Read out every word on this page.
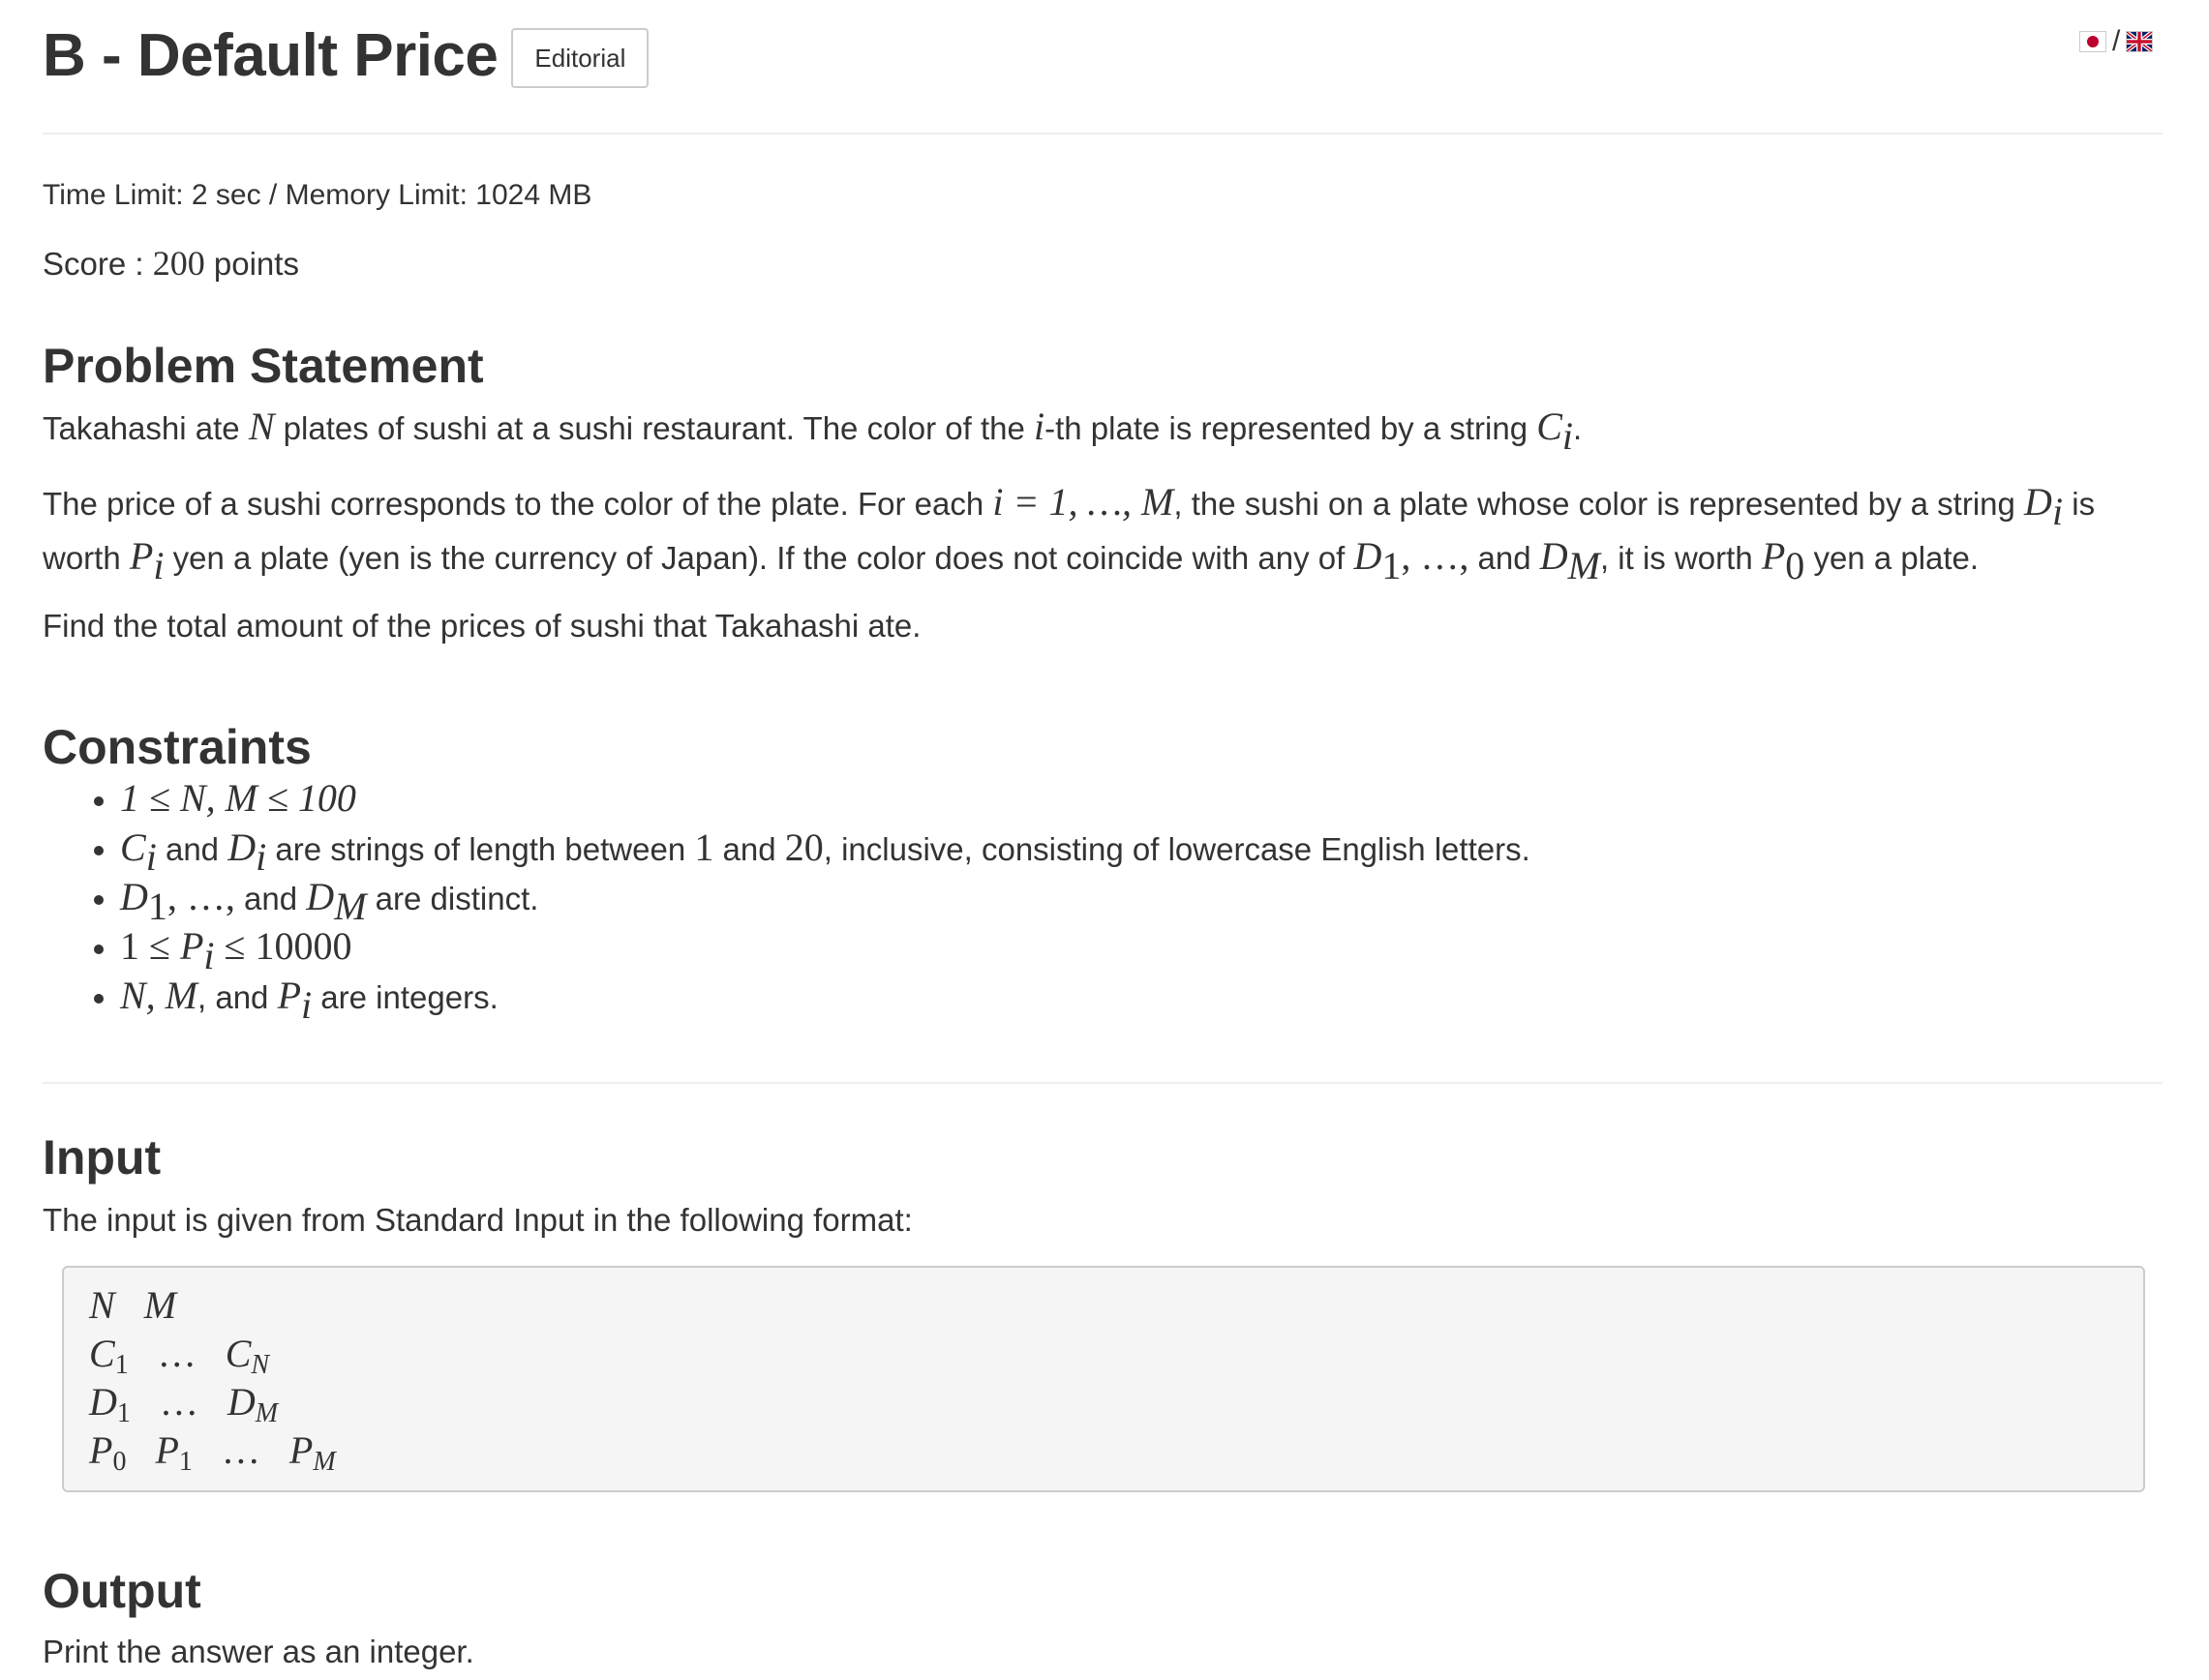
B - Default Price	Editorial
/
Time Limit: 2 sec / Memory Limit: 1024 MB
Score : 200 points
Problem Statement

Takahashi ate N plates of sushi at a sushi restaurant. The color of the i-th plate is represented by a string $C_i$.

The price of a sushi corresponds to the color of the plate. For each i = 1, …, M, the sushi on a plate whose color is represented by a string $D_i$ is worth $P_i$ yen a plate (yen is the currency of Japan). If the color does not coincide with any of $D_1$, …, and $D_M$, it is worth $P_0$ yen a plate.

Find the total amount of the prices of sushi that Takahashi ate.

Constraints
• 1 ≤ N, M ≤ 100
• $C_i$ and $D_i$ are strings of length between 1 and 20, inclusive, consisting of lowercase English letters.
• $D_1$, …, and $D_M$ are distinct.
• $1 \le P_i \le 10000$
• N, M, and $P_i$ are integers.
Input

The input is given from Standard Input in the following format:

N M
$C_1$ … $C_N$
$D_1$ … $D_M$
$P_0$ $P_1$ … $P_M$
Output

Print the answer as an integer.
